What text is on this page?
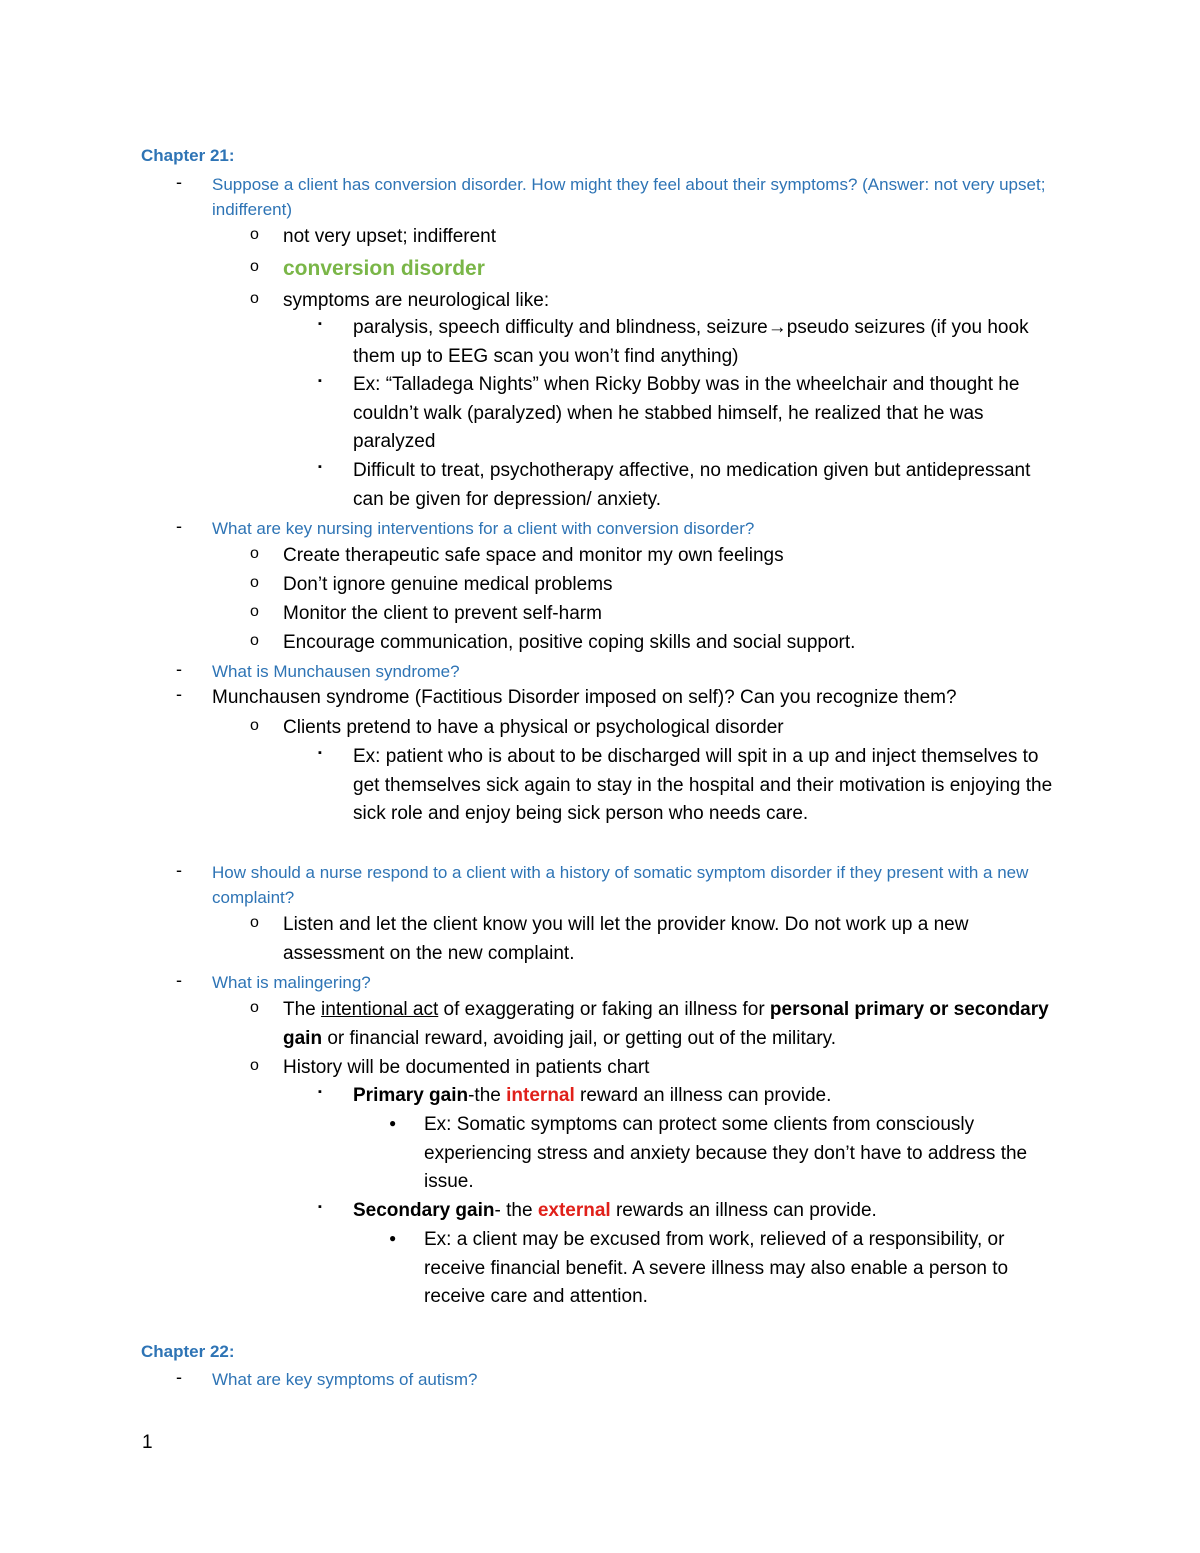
Chapter 21:
- Suppose a client has conversion disorder. How might they feel about their symptoms? (Answer: not very upset; indifferent)
o not very upset; indifferent
o conversion disorder
o symptoms are neurological like:
▪ paralysis, speech difficulty and blindness, seizure→pseudo seizures (if you hook them up to EEG scan you won’t find anything)
▪ Ex: “Talladega Nights” when Ricky Bobby was in the wheelchair and thought he couldn’t walk (paralyzed) when he stabbed himself, he realized that he was paralyzed
▪ Difficult to treat, psychotherapy affective, no medication given but antidepressant can be given for depression/ anxiety.
- What are key nursing interventions for a client with conversion disorder?
o Create therapeutic safe space and monitor my own feelings
o Don’t ignore genuine medical problems
o Monitor the client to prevent self-harm
o Encourage communication, positive coping skills and social support.
- What is Munchausen syndrome?
- Munchausen syndrome (Factitious Disorder imposed on self)? Can you recognize them?
o Clients pretend to have a physical or psychological disorder
▪ Ex: patient who is about to be discharged will spit in a up and inject themselves to get themselves sick again to stay in the hospital and their motivation is enjoying the sick role and enjoy being sick person who needs care.
- How should a nurse respond to a client with a history of somatic symptom disorder if they present with a new complaint?
o Listen and let the client know you will let the provider know. Do not work up a new assessment on the new complaint.
- What is malingering?
o The intentional act of exaggerating or faking an illness for personal primary or secondary gain or financial reward, avoiding jail, or getting out of the military.
o History will be documented in patients chart
▪ Primary gain-the internal reward an illness can provide.
● Ex: Somatic symptoms can protect some clients from consciously experiencing stress and anxiety because they don’t have to address the issue.
▪ Secondary gain- the external rewards an illness can provide.
● Ex: a client may be excused from work, relieved of a responsibility, or receive financial benefit. A severe illness may also enable a person to receive care and attention.
Chapter 22:
- What are key symptoms of autism?
1
